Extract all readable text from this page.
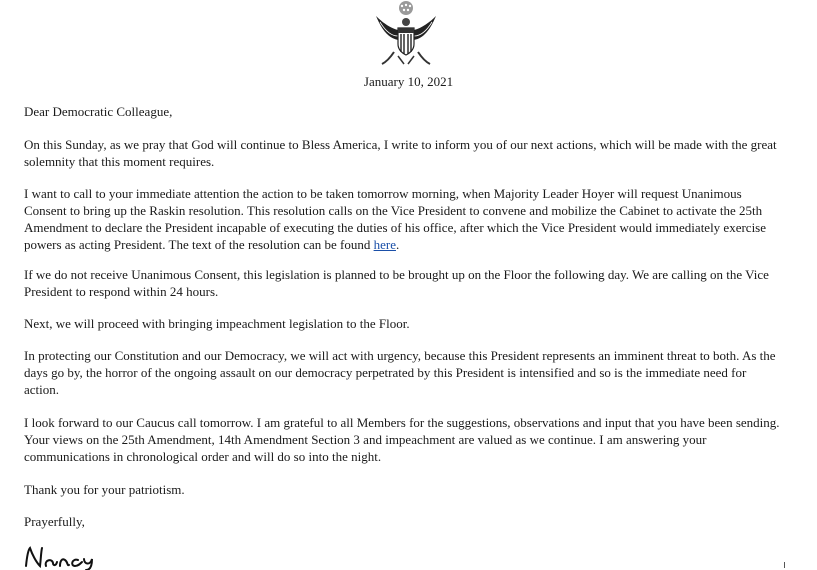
January 10, 2021

Dear Democratic Colleague,

On this Sunday, as we pray that God will continue to Bless America, I write to inform you of our next actions, which will be made with the great solemnity that this moment requires.

I want to call to your immediate attention the action to be taken tomorrow morning, when Majority Leader Hoyer will request Unanimous Consent to bring up the Raskin resolution. This resolution calls on the Vice President to convene and mobilize the Cabinet to activate the 25th Amendment to declare the President incapable of executing the duties of his office, after which the Vice President would immediately exercise powers as acting President. The text of the resolution can be found here.

If we do not receive Unanimous Consent, this legislation is planned to be brought up on the Floor the following day. We are calling on the Vice President to respond within 24 hours.

Next, we will proceed with bringing impeachment legislation to the Floor.

In protecting our Constitution and our Democracy, we will act with urgency, because this President represents an imminent threat to both. As the days go by, the horror of the ongoing assault on our democracy perpetrated by this President is intensified and so is the immediate need for action.

I look forward to our Caucus call tomorrow. I am grateful to all Members for the suggestions, observations and input that you have been sending. Your views on the 25th Amendment, 14th Amendment Section 3 and impeachment are valued as we continue. I am answering your communications in chronological order and will do so into the night.

Thank you for your patriotism.

Prayerfully,
